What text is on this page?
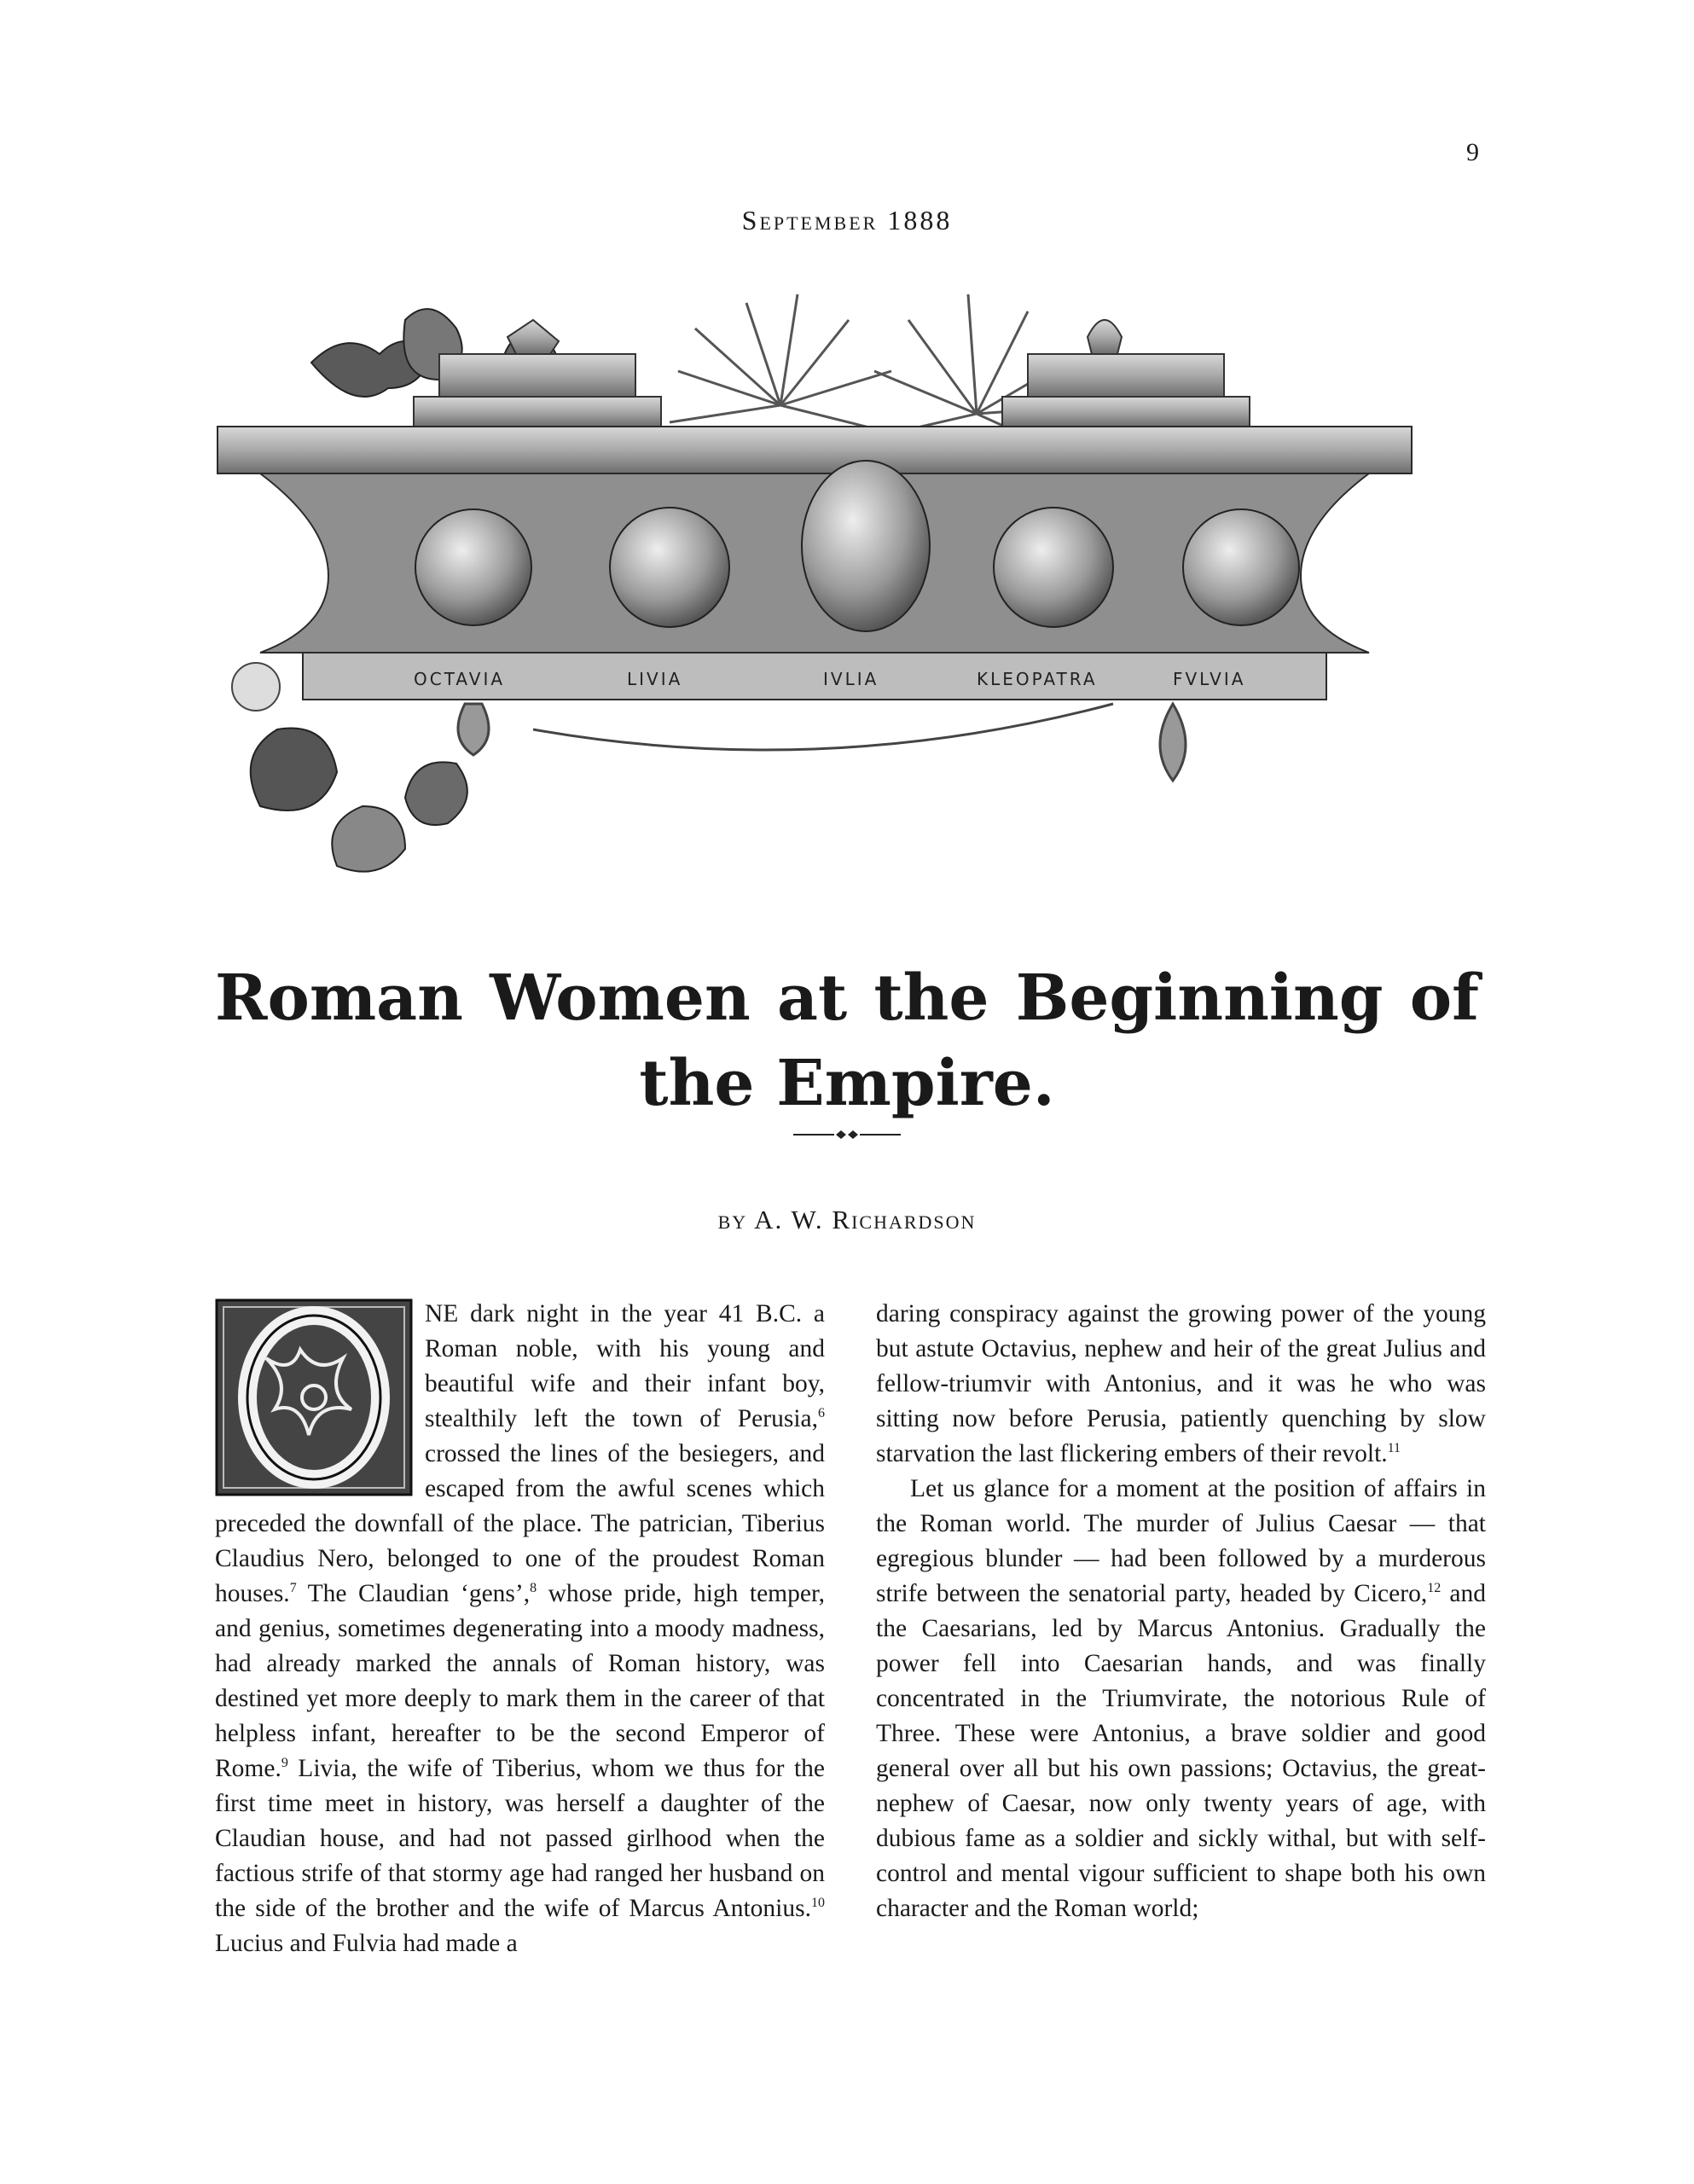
9
September 1888
OCTAVIA	LIVIA	IVLIA	KLEOPATRA	FVLVIA
Roman Women at the Beginning of the Empire.
by A. W. Richardson

NE dark night in the year 41 B.C. a Roman noble, with his young and beautiful wife and their infant boy, stealthily left the town of Perusia,$^6$ crossed the lines of the besiegers, and escaped from the awful scenes which preceded the downfall of the place. The patrician, Tiberius Claudius Nero, belonged to one of the proudest Roman houses.$^7$ The Claudian ‘gens’,$^8$ whose pride, high temper, and genius, sometimes degenerating into a moody madness, had already marked the annals of Roman history, was destined yet more deeply to mark them in the career of that helpless infant, hereafter to be the second Emperor of Rome.$^9$ Livia, the wife of Tiberius, whom we thus for the first time meet in history, was herself a daughter of the Claudian house, and had not passed girlhood when the factious strife of that stormy age had ranged her husband on the side of the brother and the wife of Marcus Antonius.$^{10}$ Lucius and Fulvia had made a

daring conspiracy against the growing power of the young but astute Octavius, nephew and heir of the great Julius and fellow-triumvir with Antonius, and it was he who was sitting now before Perusia, patiently quenching by slow starvation the last flickering embers of their revolt.$^{11}$

Let us glance for a moment at the position of affairs in the Roman world. The murder of Julius Caesar — that egregious blunder — had been followed by a murderous strife between the senatorial party, headed by Cicero,$^{12}$ and the Caesarians, led by Marcus Antonius. Gradually the power fell into Caesarian hands, and was finally concentrated in the Triumvirate, the notorious Rule of Three. These were Antonius, a brave soldier and good general over all but his own passions; Octavius, the great-nephew of Caesar, now only twenty years of age, with dubious fame as a soldier and sickly withal, but with self-control and mental vigour sufficient to shape both his own character and the Roman world;
